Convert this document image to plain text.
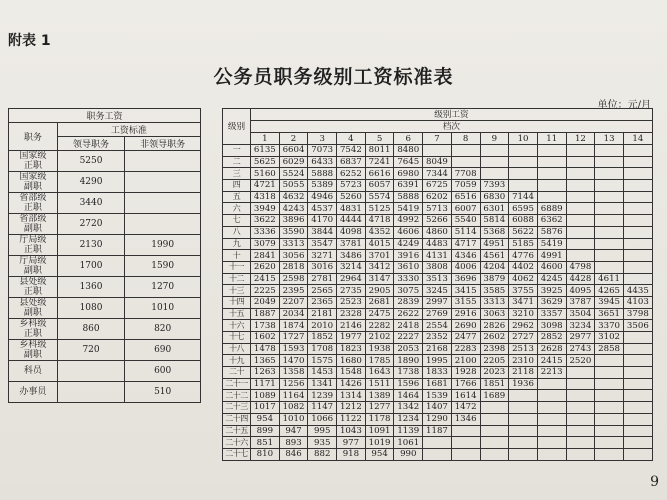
附表 1
公务员职务级别工资标准表
单位：元/月
职务工资		
职务	工资标准	
	领导职务	非领导职务

国家级
正职	5250	

国家级
副职	4290	

省部级
正职	3440	

省部级
副职	2720	

厅局级
正职	2130	1990

厅局级
副职	1700	1590

县处级
正职	1360	1270

县处级
副职	1080	1010

乡科级
正职	860	820

乡科级
副职	720	690

科员		600

办事员		510
级别	级别工资													
	档次													
	1	2	3	4	5	6	7	8	9	10	11	12	13	14
一	6135	6604	7073	7542	8011	8480								
二	5625	6029	6433	6837	7241	7645	8049							
三	5160	5524	5888	6252	6616	6980	7344	7708						
四	4721	5055	5389	5723	6057	6391	6725	7059	7393					
五	4318	4632	4946	5260	5574	5888	6202	6516	6830	7144				
六	3949	4243	4537	4831	5125	5419	5713	6007	6301	6595	6889			
七	3622	3896	4170	4444	4718	4992	5266	5540	5814	6088	6362			
八	3336	3590	3844	4098	4352	4606	4860	5114	5368	5622	5876			
九	3079	3313	3547	3781	4015	4249	4483	4717	4951	5185	5419			
十	2841	3056	3271	3486	3701	3916	4131	4346	4561	4776	4991			
十一	2620	2818	3016	3214	3412	3610	3808	4006	4204	4402	4600	4798		
十二	2415	2598	2781	2964	3147	3330	3513	3696	3879	4062	4245	4428	4611	
十三	2225	2395	2565	2735	2905	3075	3245	3415	3585	3755	3925	4095	4265	4435
十四	2049	2207	2365	2523	2681	2839	2997	3155	3313	3471	3629	3787	3945	4103
十五	1887	2034	2181	2328	2475	2622	2769	2916	3063	3210	3357	3504	3651	3798
十六	1738	1874	2010	2146	2282	2418	2554	2690	2826	2962	3098	3234	3370	3506
十七	1602	1727	1852	1977	2102	2227	2352	2477	2602	2727	2852	2977	3102	
十八	1478	1593	1708	1823	1938	2053	2168	2283	2398	2513	2628	2743	2858	
十九	1365	1470	1575	1680	1785	1890	1995	2100	2205	2310	2415	2520		
二十	1263	1358	1453	1548	1643	1738	1833	1928	2023	2118	2213			
二十一	1171	1256	1341	1426	1511	1596	1681	1766	1851	1936				
二十二	1089	1164	1239	1314	1389	1464	1539	1614	1689					
二十三	1017	1082	1147	1212	1277	1342	1407	1472						
二十四	954	1010	1066	1122	1178	1234	1290	1346						
二十五	899	947	995	1043	1091	1139	1187							
二十六	851	893	935	977	1019	1061								
二十七	810	846	882	918	954	990								
9
